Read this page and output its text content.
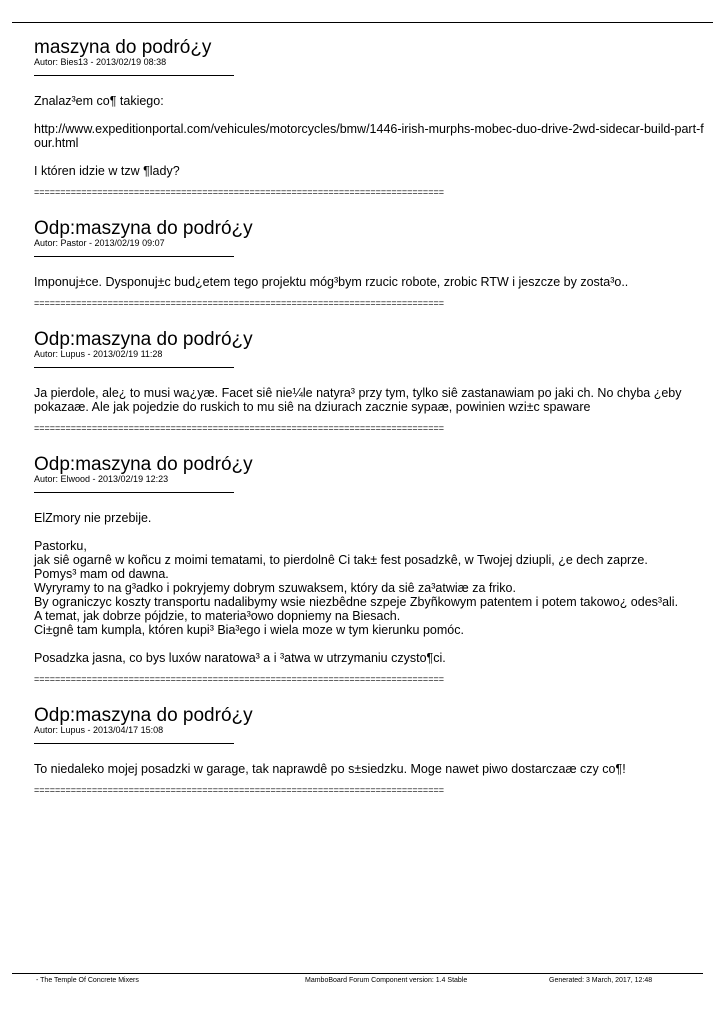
maszyna do podró¿y
Autor: Bies13 - 2013/02/19 08:38

Znalaz³em co¶ takiego:

http://www.expeditionportal.com/vehicules/motorcycles/bmw/1446-irish-murphs-mobec-duo-drive-2wd-sidecar-build-part-four.html

I któren idzie w tzw ¶lady?

==============================================================================
Odp:maszyna do podró¿y
Autor: Pastor - 2013/02/19 09:07

Imponuj±ce. Dysponuj±c bud¿etem tego projektu móg³bym rzucic robote, zrobic RTW i jeszcze by zosta³o..

==============================================================================
Odp:maszyna do podró¿y
Autor: Lupus - 2013/02/19 11:28

Ja pierdole, ale¿ to musi wa¿yæ. Facet siê nie¼le natyra³ przy tym, tylko siê zastanawiam po jaki ch. No chyba ¿eby pokazaæ. Ale jak pojedzie do ruskich to mu siê na dziurach zacznie sypaæ, powinien wzi±c spaware

==============================================================================
Odp:maszyna do podró¿y
Autor: Elwood - 2013/02/19 12:23

ElZmory nie przebije.

Pastorku,
jak siê ogarnê w koñcu z moimi tematami, to pierdolnê Ci tak± fest posadzkê, w Twojej dziupli, ¿e dech zaprze.
Pomys³ mam od dawna.
Wyryramy to na g³adko i pokryjemy dobrym szuwaksem, który da siê za³atwiæ za friko.
By ograniczyc koszty transportu nadalibymy wsie niezbêdne szpeje Zbyñkowym patentem i potem takowo¿ odes³ali.
A temat, jak dobrze pójdzie, to materia³owo dopniemy na Biesach.
Ci±gnê tam kumpla, któren kupi³ Bia³ego i wiela moze w tym kierunku pomóc.

Posadzka jasna, co bys luxów naratowa³ a i ³atwa w utrzymaniu czysto¶ci.

==============================================================================
Odp:maszyna do podró¿y
Autor: Lupus - 2013/04/17 15:08

To niedaleko mojej posadzki w garage, tak naprawdê po s±siedzku. Moge nawet piwo dostarczaæ czy co¶!

==============================================================================
- The Temple Of Concrete Mixers	MamboBoard Forum Component version: 1.4 Stable	Generated: 3 March, 2017, 12:48
